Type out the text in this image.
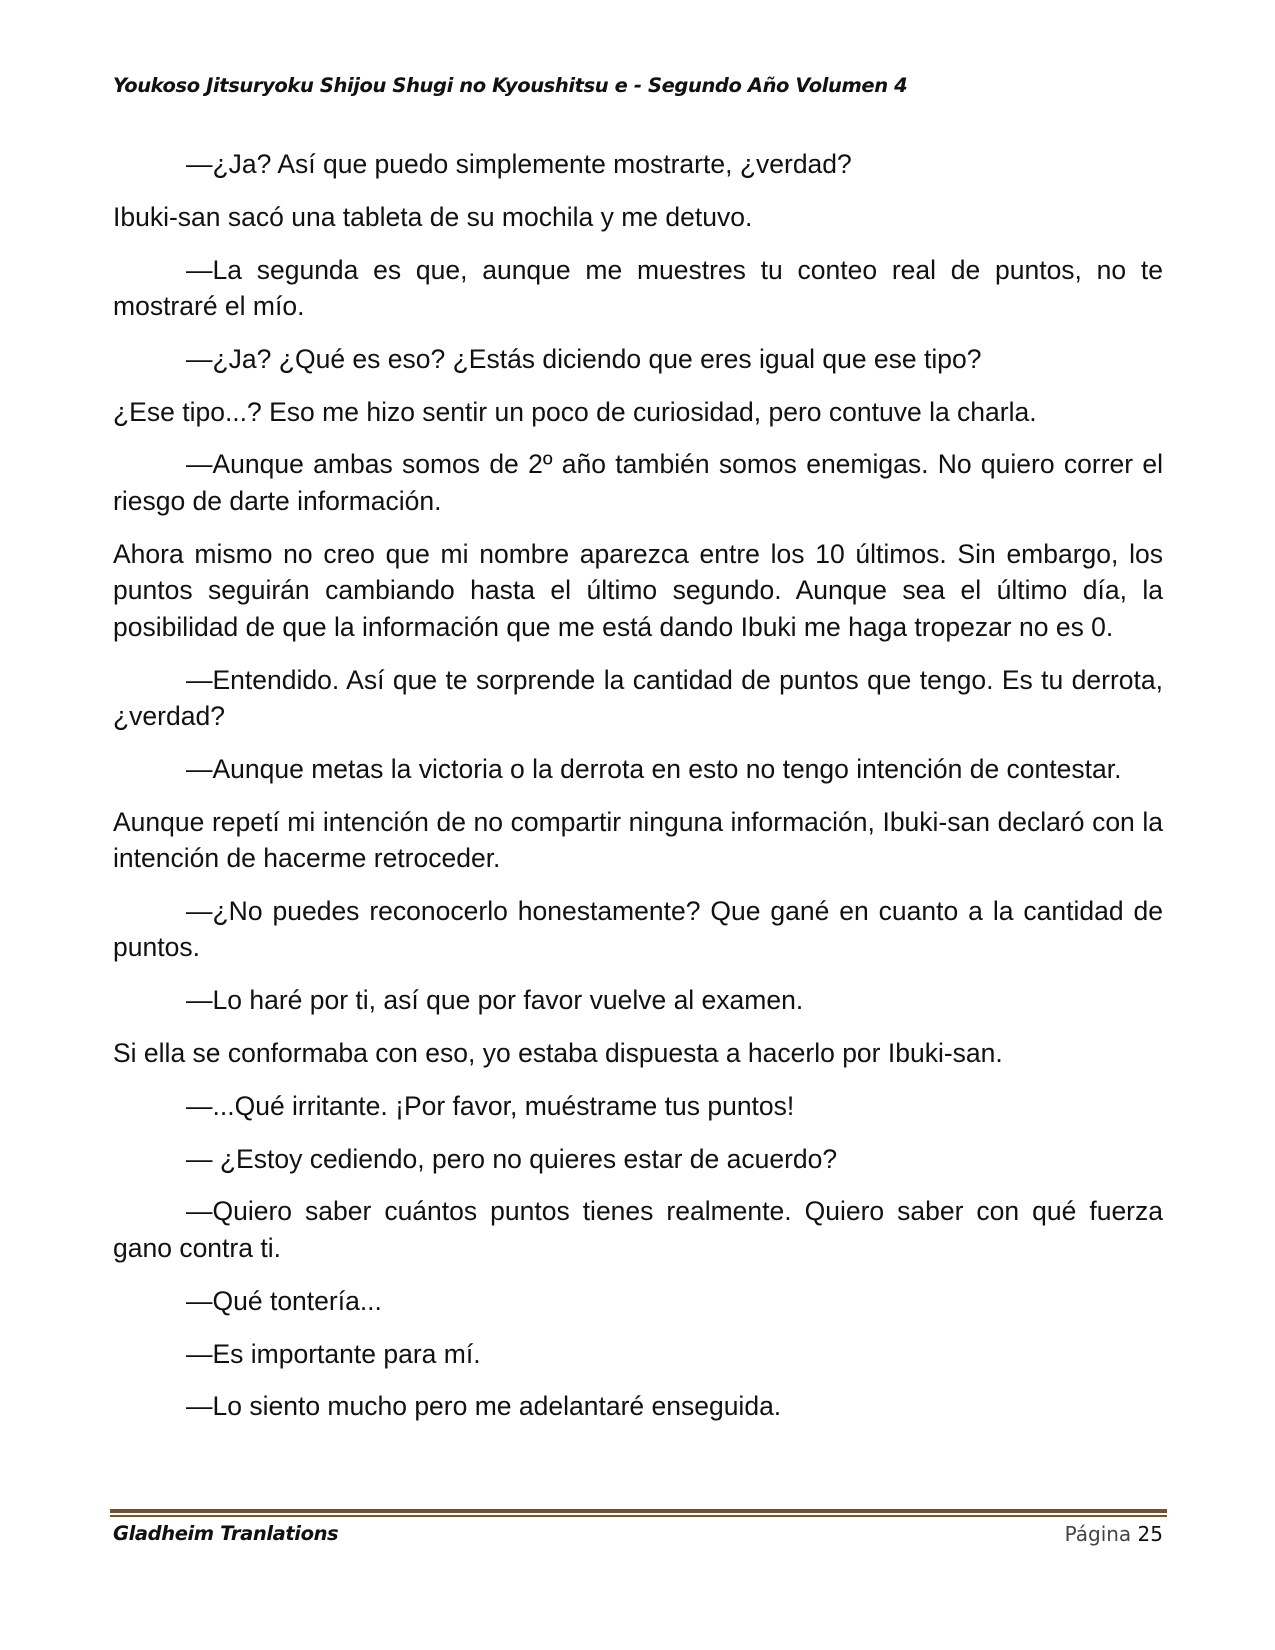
Youkoso Jitsuryoku Shijou Shugi no Kyoushitsu e - Segundo Año Volumen 4

—¿Ja? Así que puedo simplemente mostrarte, ¿verdad?

Ibuki-san sacó una tableta de su mochila y me detuvo.

—La segunda es que, aunque me muestres tu conteo real de puntos, no te mostraré el mío.

—¿Ja? ¿Qué es eso? ¿Estás diciendo que eres igual que ese tipo?

¿Ese tipo...? Eso me hizo sentir un poco de curiosidad, pero contuve la charla.

—Aunque ambas somos de 2º año también somos enemigas. No quiero correr el riesgo de darte información.

Ahora mismo no creo que mi nombre aparezca entre los 10 últimos. Sin embargo, los puntos seguirán cambiando hasta el último segundo. Aunque sea el último día, la posibilidad de que la información que me está dando Ibuki me haga tropezar no es 0.

—Entendido. Así que te sorprende la cantidad de puntos que tengo. Es tu derrota, ¿verdad?

—Aunque metas la victoria o la derrota en esto no tengo intención de contestar.

Aunque repetí mi intención de no compartir ninguna información, Ibuki-san declaró con la intención de hacerme retroceder.

—¿No puedes reconocerlo honestamente? Que gané en cuanto a la cantidad de puntos.

—Lo haré por ti, así que por favor vuelve al examen.

Si ella se conformaba con eso, yo estaba dispuesta a hacerlo por Ibuki-san.

—...Qué irritante. ¡Por favor, muéstrame tus puntos!

— ¿Estoy cediendo, pero no quieres estar de acuerdo?

—Quiero saber cuántos puntos tienes realmente. Quiero saber con qué fuerza gano contra ti.

—Qué tontería...

—Es importante para mí.

—Lo siento mucho pero me adelantaré enseguida.

Gladheim Tranlations	Página 25
